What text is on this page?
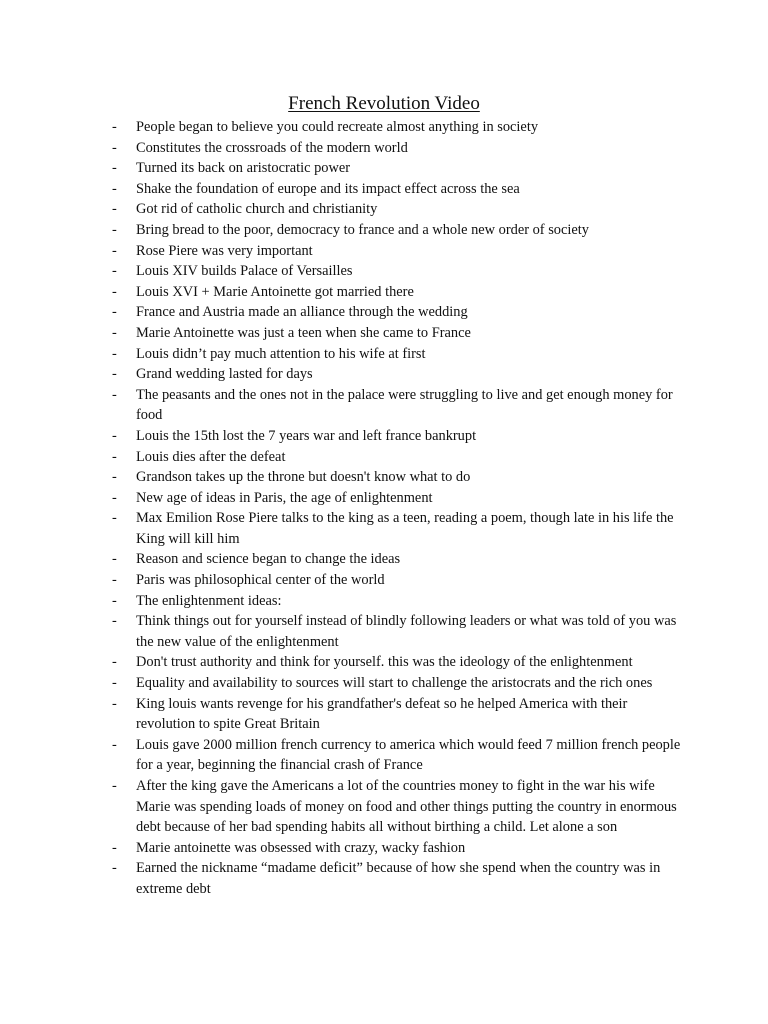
French Revolution Video
- People began to believe you could recreate almost anything in society
- Constitutes the crossroads of the modern world
- Turned its back on aristocratic power
- Shake the foundation of europe and its impact effect across the sea
- Got rid of catholic church and christianity
- Bring bread to the poor, democracy to france and a whole new order of society
- Rose Piere was very important
- Louis XIV builds Palace of Versailles
- Louis XVI + Marie Antoinette got married there
- France and Austria made an alliance through the wedding
- Marie Antoinette was just a teen when she came to France
- Louis didn’t pay much attention to his wife at first
- Grand wedding lasted for days
- The peasants and the ones not in the palace were struggling to live and get enough money for food
- Louis the 15th lost the 7 years war and left france bankrupt
- Louis dies after the defeat
- Grandson takes up the throne but doesn't know what to do
- New age of ideas in Paris, the age of enlightenment
- Max Emilion Rose Piere talks to the king as a teen, reading a poem, though late in his life the King will kill him
- Reason and science began to change the ideas
- Paris was philosophical center of the world
- The enlightenment ideas:
- Think things out for yourself instead of blindly following leaders or what was told of you was the new value of the enlightenment
- Don't trust authority and think for yourself. this was the ideology of the enlightenment
- Equality and availability to sources will start to challenge the aristocrats and the rich ones
- King louis wants revenge for his grandfather's defeat so he helped America with their revolution to spite Great Britain
- Louis gave 2000 million french currency to america which would feed 7 million french people for a year, beginning the financial crash of France
- After the king gave the Americans a lot of the countries money to fight in the war his wife Marie was spending loads of money on food and other things putting the country in enormous debt because of her bad spending habits all without birthing a child. Let alone a son
- Marie antoinette was obsessed with crazy, wacky fashion
- Earned the nickname “madame deficit” because of how she spend when the country was in extreme debt
